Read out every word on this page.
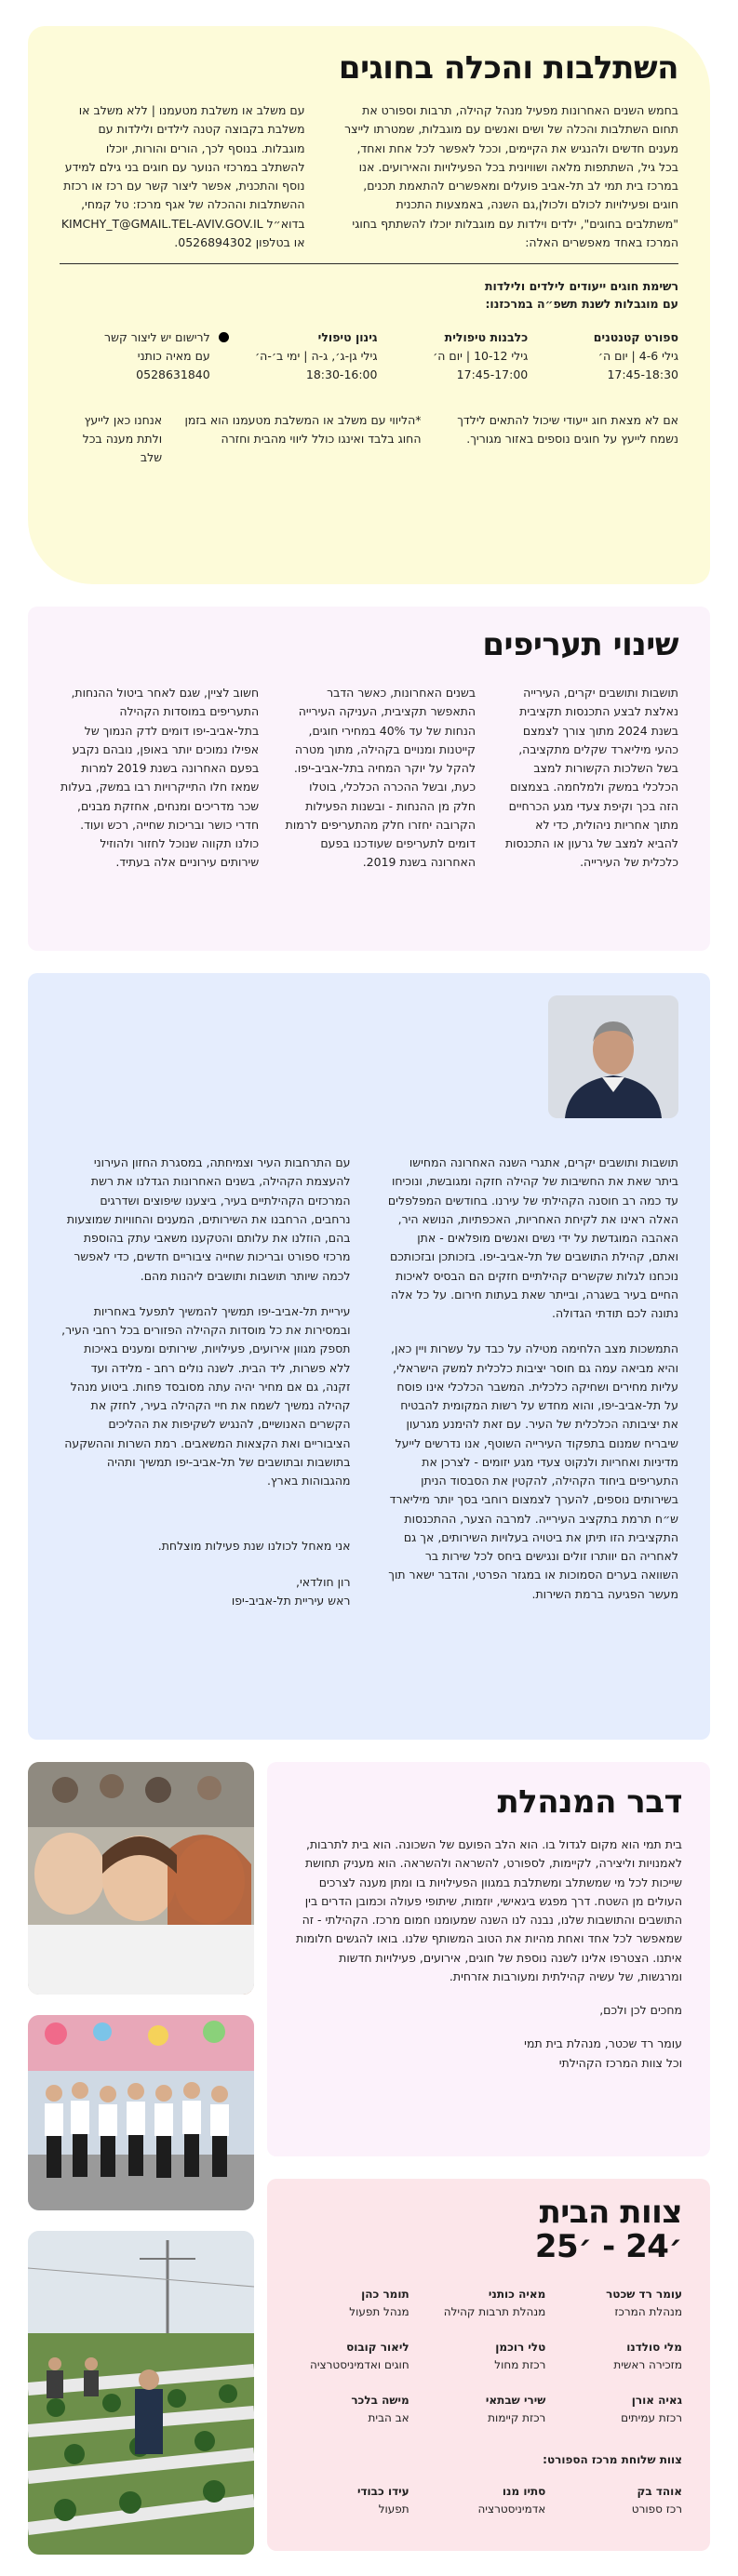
השתלבות והכלה בחוגים

בחמש השנים האחרונות מפעיל מנהל קהילה, תרבות וספורט את תחום השתלבות והכלה של ושים ואנשים עם מוגבלות, שמטרתו לייצר מענים חדשים ולהנגיש את הקיימים, וככל לאפשר לכל אחת ואחד, בכל גיל, השתתפות מלאה ושוויונית בכל הפעילויות והאירועים. אנו במרכז בית תמי לב תל-אביב פועלים ומאפשרים להתאמת תכנים, חוגים ופעילויות לכולם ולכולן,גם השנה, באמצעות התכנית "משתלבים בחוגים", ילדים וילדות עם מוגבלות יוכלו להשתתף בחוגי המרכז באחד מאפשרים האלה:

עם משלב או משלבת מטעמנו | ללא משלב או משלבת בקבוצה קטנה לילדים ולילדות עם מוגבלות. בנוסף לכך, הורים והורות, יוכלו להשתלב במרכזי הנוער עם חוגים בני גילם למידע נוסף והתכנית, אפשר ליצור קשר עם רכז או רכזת ההשתלבות וההכלה של אגף מרכז: טל קמחי, בדוא״ל KIMCHY_T@GMAIL.TEL-AVIV.GOV.IL או בטלפון 0526894302.

רשימת חוגים ייעודים לילדים ולילדות
עם מוגבלות לשנת תשפ״ה במרכזנו:
ספורט קטנטנים
גילי 4-6 | יום ה׳
17:45-18:30
כלבנות טיפולית
גילי 10-12 | יום ה׳
17:45-17:00
גינון טיפולי
גילי גן-ג׳, ג-ה | ימי ב׳-ה׳
18:30-16:00
לרישום יש ליצור קשר
עם מאיה כותני
0528631840

אם לא מצאת חוג ייעודי שיכול להתאים לילדך נשמח לייעץ על חוגים נוספים באזור מגוריך.

*הליווי עם משלב או המשלבת מטעמנו הוא בזמן החוג בלבד ואינגו כולל ליווי מהבית וחזרה

אנחנו כאן לייעץ ולתת מענה בכל שלב

שינוי תעריפים

תושבות ותושבים יקרים, העירייה נאלצת לבצע התכנסות תקציבית בשנת 2024 מתוך צורך לצמצם כהעי מיליארד שקלים מתקציבה, בשל השלכות הקשורות למצב הכלכלי במשק ולמלחמה. בצמצום הזה בכך וקיפת צעדי מגע הכרחיים מתוך אחריות ניהולית, כדי לא להביא למצב של גרעון או התכנסות כלכלית של העירייה.

בשנים האחרונות, כאשר הדבר התאפשר תקציבית, העניקה העירייה הנחות של עד 40% במחירי חוגים, קייטנות ומנויים בקהילה, מתוך מטרה להקל על יוקר המחיה בתל-אביב-יפו. כעת, ובשל ההכרה הכלכלי, בוטלו חלק מן ההנחות - ובשנות הפעילות הקרובה יחזרו חלק מהתעריפים לרמות דומים לתעריפים שעודכנו בפעם האחרונה בשנת 2019.

חשוב לציין, שגם לאחר ביטול ההנחות, התעריפים במוסדות הקהילה בתל-אביב-יפו דומים לדק הנמוך של אפילו נמוכים יותר באופן, נובהם נקבע בפעם האחרונה בשנת 2019 למרות שמאז חלו התייקרויות רבו במשק, בעלות שכר מדריכים ומנחים, אחזקת מבנים, חדרי כושר ובריכות שחייה, רכש ועוד. כולנו תקווה שנוכל לחזור ולהוזיל שירותים עירוניים אלה בעתיד.

תושבות ותושבים יקרים, אתגרי השנה האחרונה המחישו ביתר שאת את החשיבות של קהילה חזקה ומגובשת, ונוכיחו עד כמה רב חוסנה הקהילתי של עירנו. בחודשים המפלפלים האלה ראינו את לקיחת האחריות, האכפתיות, הנושא היר, האהבה המוגדשת על ידי נשים ואנשים מופלאים - אתן ואתם, קהילת התושבים של תל-אביב-יפו. בזכותכן ובזכותכם נוכחנו לגלות שקשרים קהילתיים חזקים הם הבסיס לאיכות החיים בעיר בשגרה, ובייתר שאת בעתות חירום. על כל אלה נתונה לכם תודתי הגדולה.

התמשכות מצב הלחימה מטילה על כבד על עשרות ויין כאן, והיא מביאה עמה גם חוסר יציבות כלכלית למשק הישראלי, עליות מחירים ושחיקה כלכלית. המשבר הכלכלי אינו פוסח על תל-אביב-יפו, והוא מחדש על רשות המקומית להבטיח את יציבותה הכלכלית של העיר. עם זאת להימנע מגרעון שיבריח שמנום בתפקוד העירייה השוטף, אנו נדרשים לייעל מדיניות ואחריות ולנקוט צעדי מגע יזומים - לצרכן את התעריפים ביחוד הקהילה, להקטין את הסבסוד הניתן בשירותים נוספים, להערך לצמצום רוחבי בסך יותר מיליארד ש״ח תרמת בתקציב העירייה. למרבה הצער, ההתכנסות התקציבית הזו תיתן את ביטויה בעלויות השירותים, אך גם לאחריה הם יוותרו זולים ונגישים ביחס לכל שירות בר השוואה בערים הסמוכות או במגזר הפרטי, והדבר ישאר תוך מעשר הפגיעה ברמת השירות.

עם התרחבות העיר וצמיחתה, במסגרת החזון העירוני להעצמת הקהילה, בשנים האחרונות הגדלנו את רשת המרכזים הקהילתיים בעיר, ביצענו שיפוצים ושדרגים נרחבים, הרחבנו את השירותים, המענים והחוויות שמוצעות בהם, הוזלנו את עלותם והטקענו משאבי עתק בהוספת מרכזי ספורט ובריכות שחייה ציבוריים חדשים, כדי לאפשר לכמה שיותר תושבות ותושבים ליהנות מהם.

עיריית תל-אביב-יפו תמשיך להמשיך לתפעל באחריות ובמסירות את כל מוסדות הקהילה הפזורים בכל רחבי העיר, תספק מגוון אירועים, פעילויות, שירותים ומענים באיכות ללא פשרות, ליד הבית. לשנה נולים רחב - מלידה ועד זקנה, גם אם מחיר יהיה עתה מסובסד פחות. ביטוע מנהל קהילה נמשיך לשמח את חיי הקהילה בעיר, לחזק את הקשרים האנושיים, להנגיש לשקיפות את ההליכים הציבוריים ואת הקצאות המשאבים. רמת השרות וההשקעה בתושבות ובתושבים של תל-אביב-יפו תמשיך ותהיה מהגבוהות בארץ.

אני מאחל לכולנו שנת פעילות מוצלחת.

רון חולדאי,
ראש עיריית תל-אביב-יפו
דבר המנהלת

בית תמי הוא מקום לגדול בו. הוא הלב הפועם של השכונה. הוא בית לתרבות, לאמנויות וליצירה, לקיימות, לספורט, להשראה ולהשראה. הוא מעניק תחושת שייכות לכל מי שמשתלב ומשתלבת במגוון הפעילויות בו ומתן מענה לצרכים העולים מן השטח. דרך מפגש ביגאישי, יוזמות, שיתופי פעולה וכמובן הדרים בין התושבים והתושבות שלנו, נבנה לנו השנה שמעומנו חמום מרכז. הקהילתי - זה שמאפשר לכל אחד ואחת מהיות את הטוב המשותף שלנו. בואו להגשים חלומות איתנו. הצטרפו אלינו לשנה נוספת של חוגים, אירועים, פעילויות חדשות ומרגשות, של עשיה קהילתית ומעורבות אזרחית.

מחכים לכן ולכם,

עומר רד שכטר, מנהלת בית תמי
וכל צוות המרכז הקהילתי
צוות הבית
׳24 - ׳25
עומר רד שכטר
מנהלת המרכז
מאיה כותני
מנהלת תרבות קהילה
תומר כהן
מנהל תפעול
מלי סולדנו
מזכירה ראשית
טלי רוכמן
רכזת מחול
ליאור קובוס
חוגים ואדמיניסטרציה
גאיה אורן
רכזת עמיתים
שירי שבתאי
רכזת קיימות
מישה בלכר
אב הבית
צוות שלוחת מרכז הספורט:
אוהד בק
רכז ספורט
סתיו מנו
אדמיניסטרציה
עידו כבודי
תפעול
